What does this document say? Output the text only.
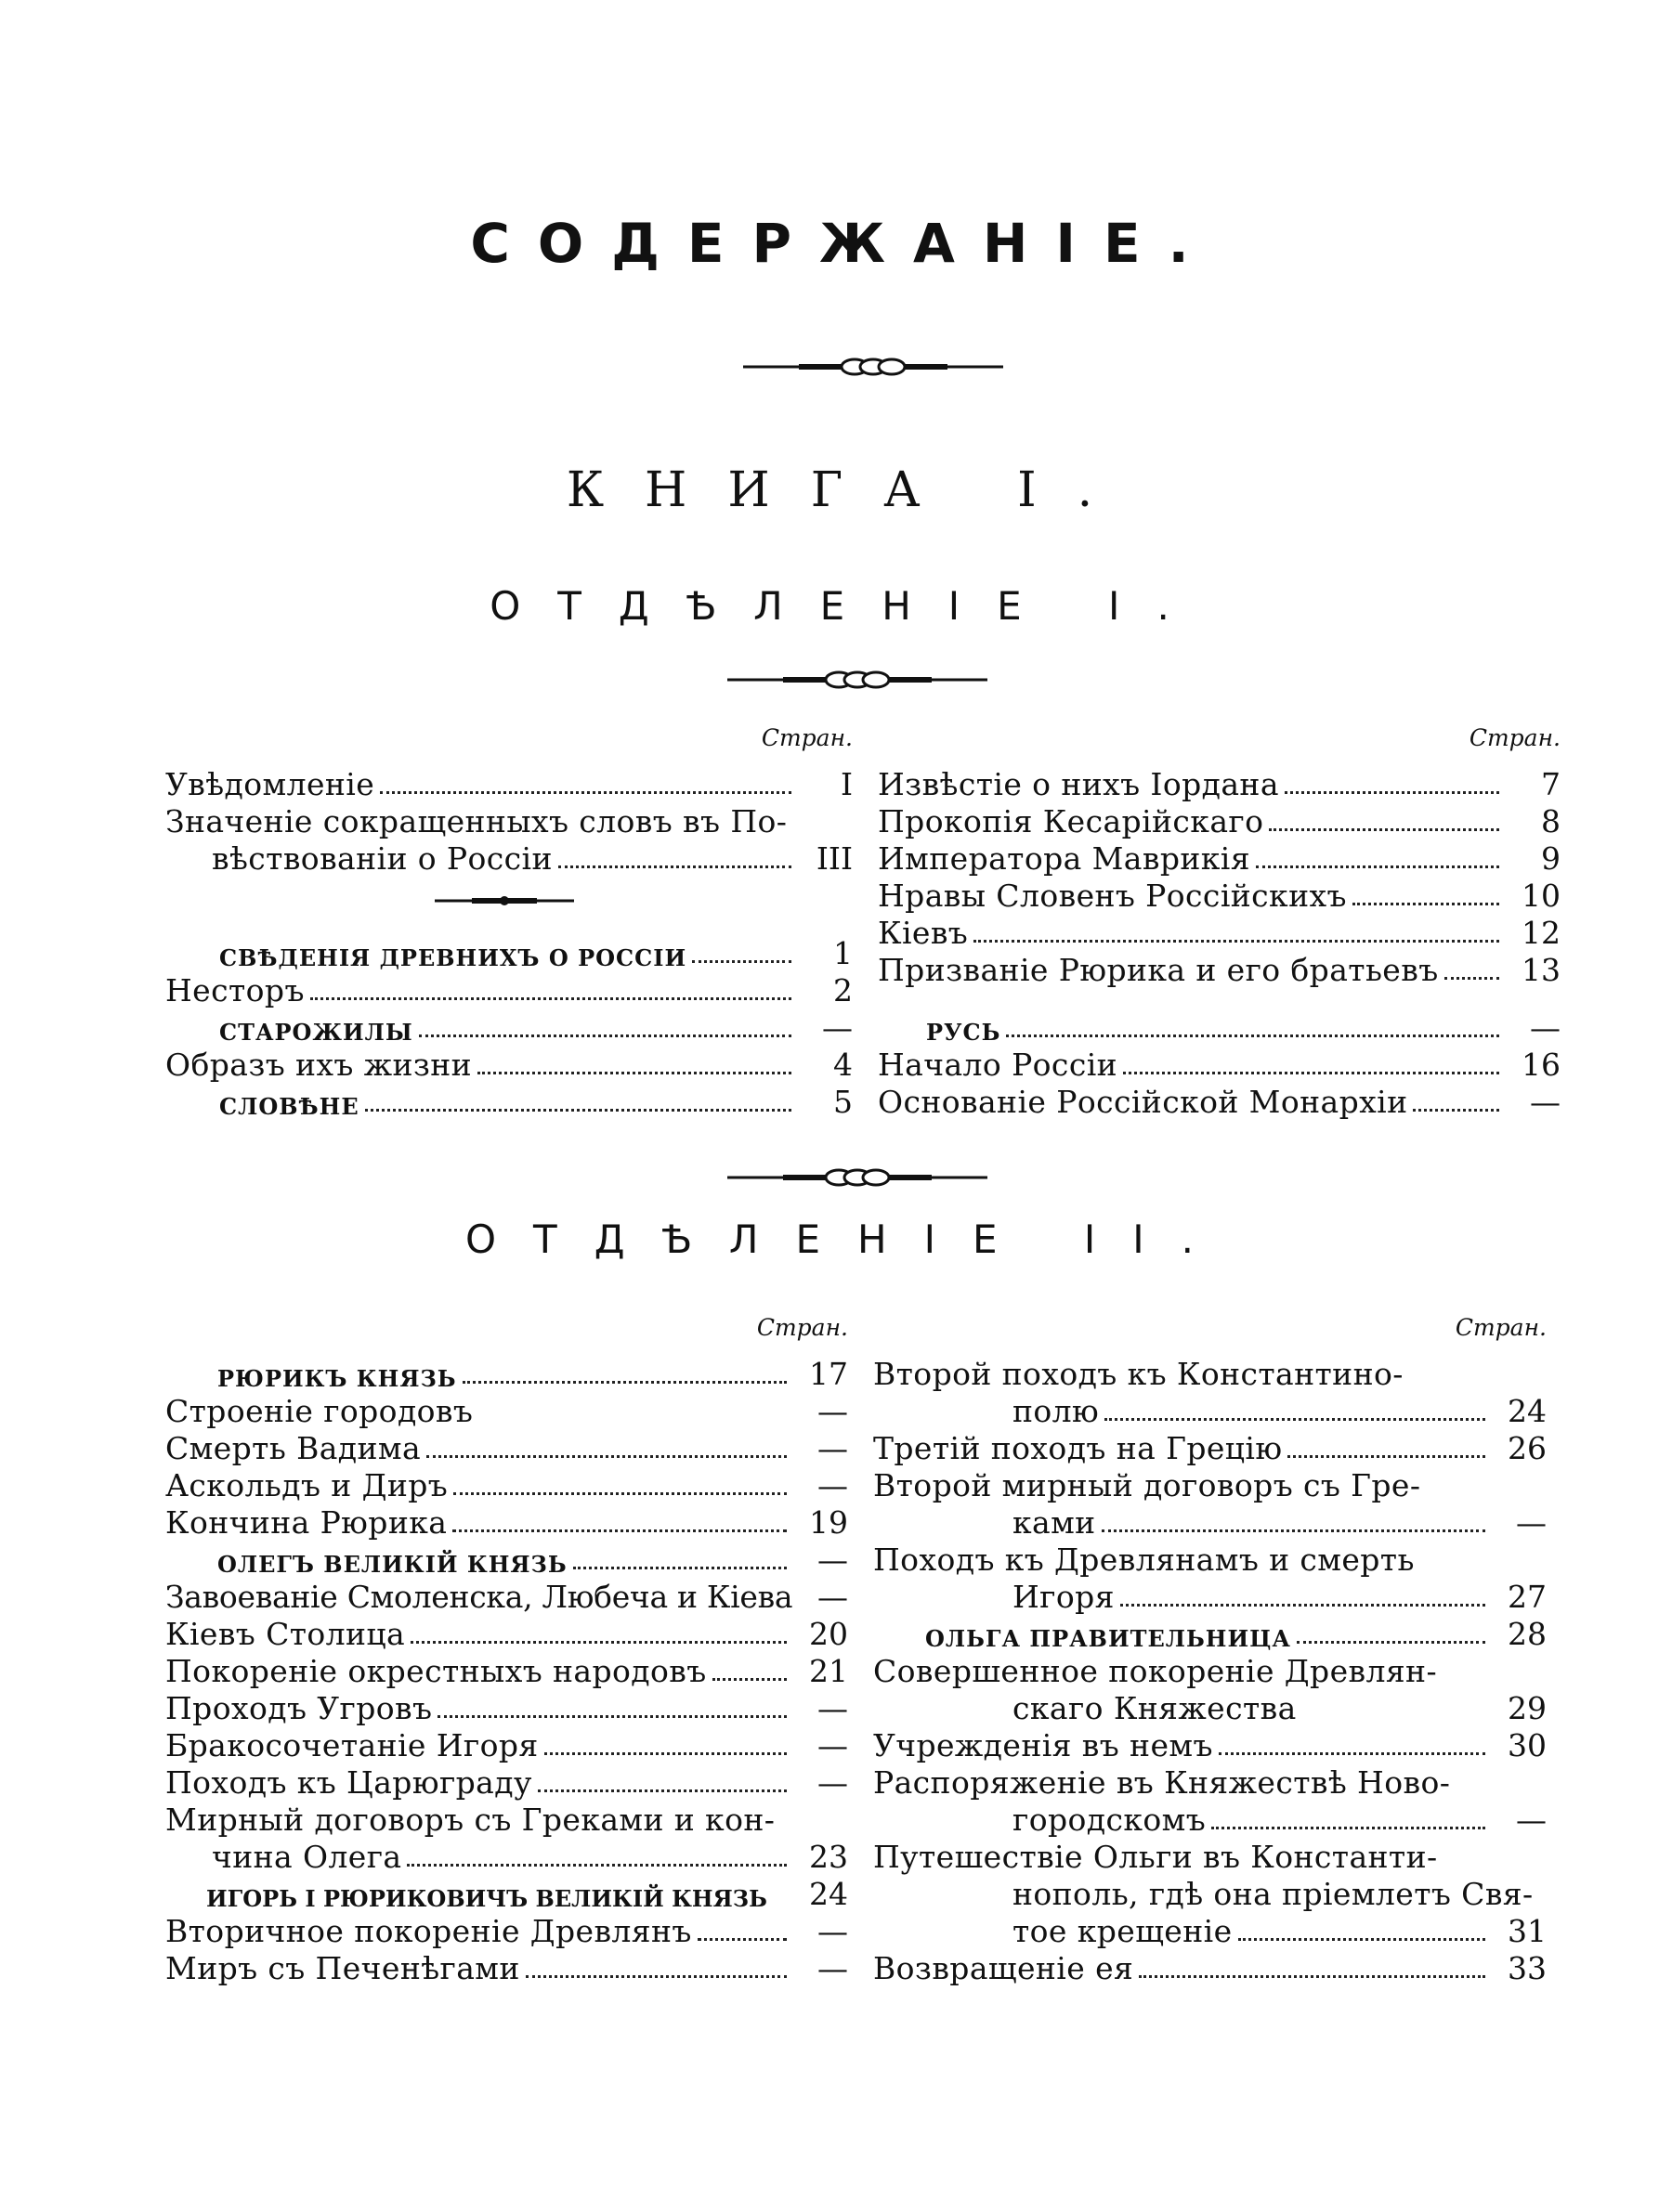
СОДЕРЖАНІЕ.
КНИГА I.
ОТДѢЛЕНІЕ I.
Стран.
Увѣдомленіе	I
Значеніе сокращенныхъ словъ въ По-
вѣствованіи о Россіи	III
СВѢДЕНІЯ ДРЕВНИХЪ О РОССІИ	1
Несторъ	2
СТАРОЖИЛЫ	—
Образъ ихъ жизни	4
СЛОВѢНЕ	5
Стран.
Извѣстіе о нихъ Іордана	7
Прокопія Кесарійскаго	8
Императора Маврикія	9
Нравы Словенъ Россійскихъ	10
Кіевъ	12
Призваніе Рюрика и его братьевъ	13
РУСЬ	—
Начало Россіи	16
Основаніе Россійской Монархіи	—
ОТДѢЛЕНІЕ II.
Стран.
РЮРИКЪ КНЯЗЬ	17
Строеніе городовъ	—
Смерть Вадима	—
Аскольдъ и Диръ	—
Кончина Рюрика	19
ОЛЕГЪ ВЕЛИКІЙ КНЯЗЬ	—
Завоеваніе Смоленска, Любеча и Кіева —
Кіевъ Столица	20
Покореніе окрестныхъ народовъ	21
Проходъ Угровъ	—
Бракосочетаніе Игоря	—
Походъ къ Царюграду	—
Мирный договоръ съ Греками и кон-
чина Олега	23
ИГОРЬ I РЮРИКОВИЧЪ ВЕЛИКІЙ КНЯЗЬ	24
Вторичное покореніе Древлянъ	—
Миръ съ Печенѣгами	—
Стран.
Второй походъ къ Константино-
полю	24
Третій походъ на Грецію	26
Второй мирный договоръ съ Гре-
ками	—
Походъ къ Древлянамъ и смерть
Игоря	27
ОЛЬГА ПРАВИТЕЛЬНИЦА	28
Совершенное покореніе Древлян-
скаго Княжества	29
Учрежденія въ немъ	30
Распоряженіе въ Княжествѣ Ново-
городскомъ	—
Путешествіе Ольги въ Константи-
нополь, гдѣ она пріемлетъ Свя-
тое крещеніе	31
Возвращеніе ея	33
